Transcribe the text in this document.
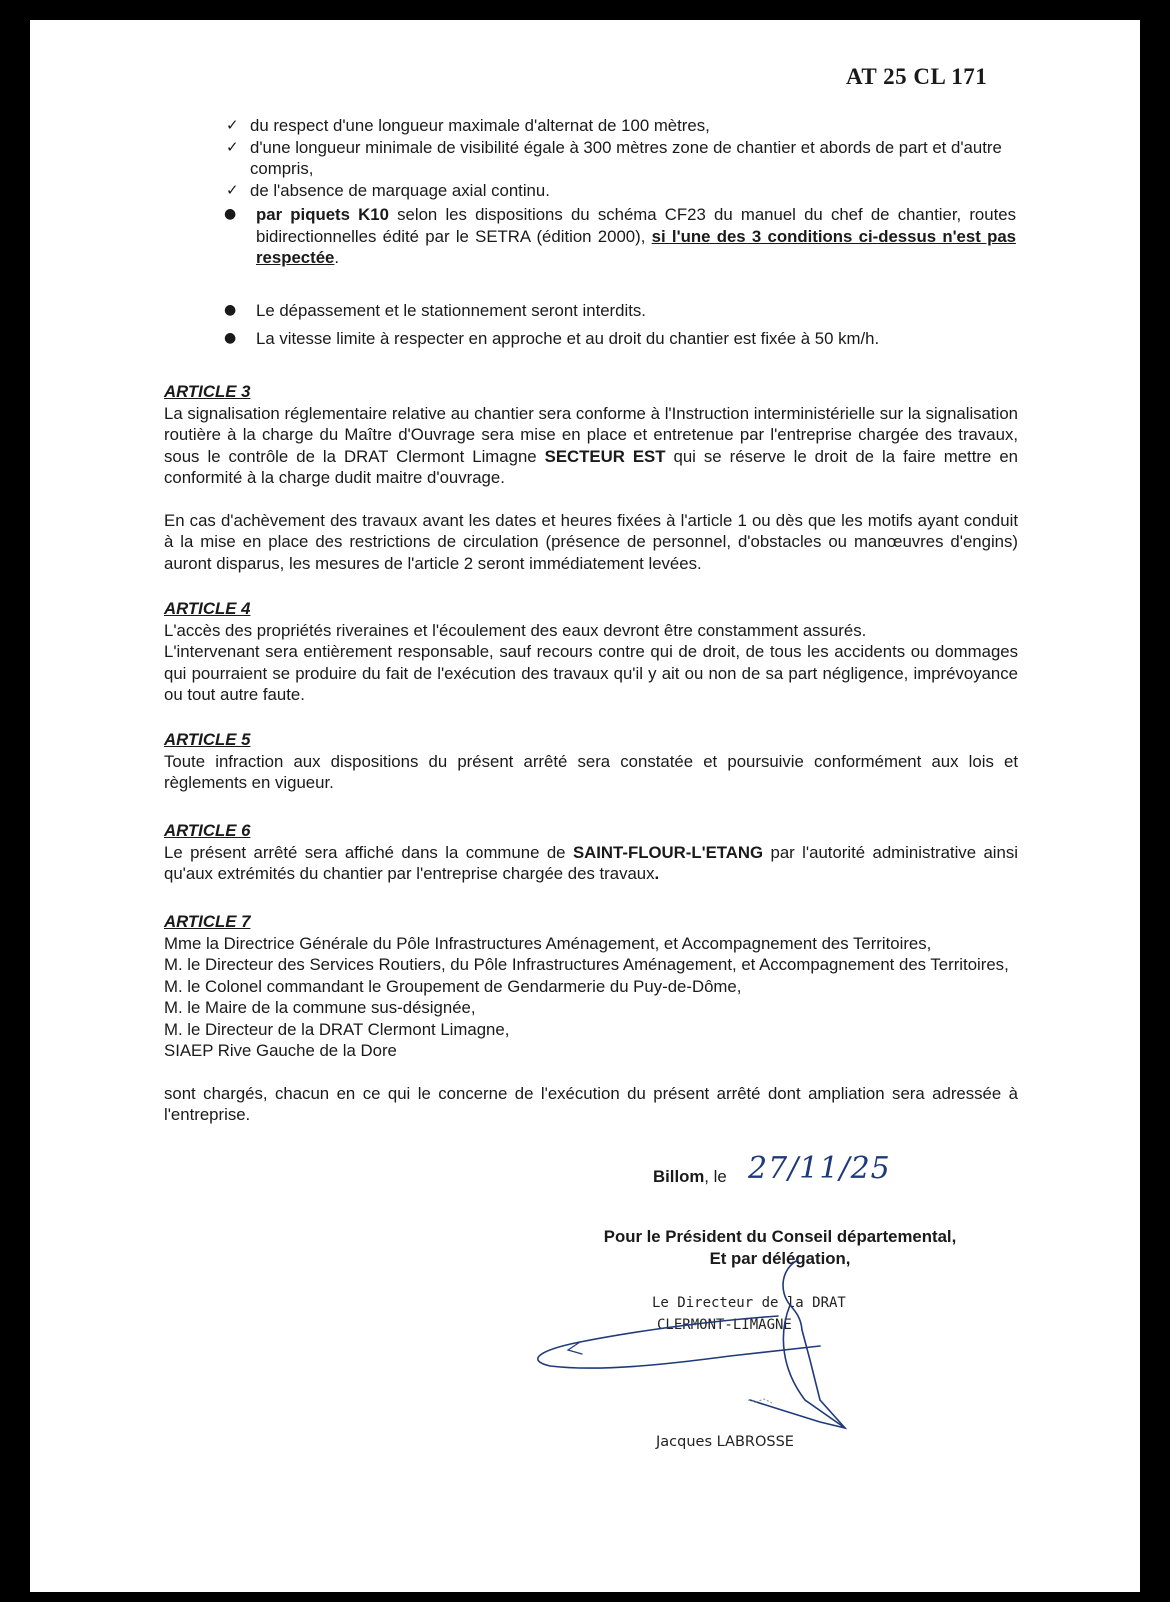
AT 25 CL 171
✓ du respect d'une longueur maximale d'alternat de 100 mètres,
✓ d'une longueur minimale de visibilité égale à 300 mètres zone de chantier et abords de part et d'autre compris,
✓ de l'absence de marquage axial continu.
● par piquets K10 selon les dispositions du schéma CF23 du manuel du chef de chantier, routes bidirectionnelles édité par le SETRA (édition 2000), si l'une des 3 conditions ci-dessus n'est pas respectée.
● Le dépassement et le stationnement seront interdits.
● La vitesse limite à respecter en approche et au droit du chantier est fixée à 50 km/h.

ARTICLE 3

La signalisation réglementaire relative au chantier sera conforme à l'Instruction interministérielle sur la signalisation routière à la charge du Maître d'Ouvrage sera mise en place et entretenue par l'entreprise chargée des travaux, sous le contrôle de la DRAT Clermont Limagne SECTEUR EST qui se réserve le droit de la faire mettre en conformité à la charge dudit maitre d'ouvrage.

En cas d'achèvement des travaux avant les dates et heures fixées à l'article 1 ou dès que les motifs ayant conduit à la mise en place des restrictions de circulation (présence de personnel, d'obstacles ou manœuvres d'engins) auront disparus, les mesures de l'article 2 seront immédiatement levées.

ARTICLE 4

L'accès des propriétés riveraines et l'écoulement des eaux devront être constamment assurés.

L'intervenant sera entièrement responsable, sauf recours contre qui de droit, de tous les accidents ou dommages qui pourraient se produire du fait de l'exécution des travaux qu'il y ait ou non de sa part négligence, imprévoyance ou tout autre faute.

ARTICLE 5

Toute infraction aux dispositions du présent arrêté sera constatée et poursuivie conformément aux lois et règlements en vigueur.

ARTICLE 6

Le présent arrêté sera affiché dans la commune de SAINT-FLOUR-L'ETANG par l'autorité administrative ainsi qu'aux extrémités du chantier par l'entreprise chargée des travaux.

ARTICLE 7

Mme la Directrice Générale du Pôle Infrastructures Aménagement, et Accompagnement des Territoires,

M. le Directeur des Services Routiers, du Pôle Infrastructures Aménagement, et Accompagnement des Territoires,

M. le Colonel commandant le Groupement de Gendarmerie du Puy-de-Dôme,

M. le Maire de la commune sus-désignée,

M. le Directeur de la DRAT Clermont Limagne,

SIAEP Rive Gauche de la Dore

sont chargés, chacun en ce qui le concerne de l'exécution du présent arrêté dont ampliation sera adressée à l'entreprise.

Billom, le 27/11/25
Pour le Président du Conseil départemental,
Et par délégation,
Le Directeur de la DRAT
CLERMONT-LIMAGNE
Jacques LABROSSE
